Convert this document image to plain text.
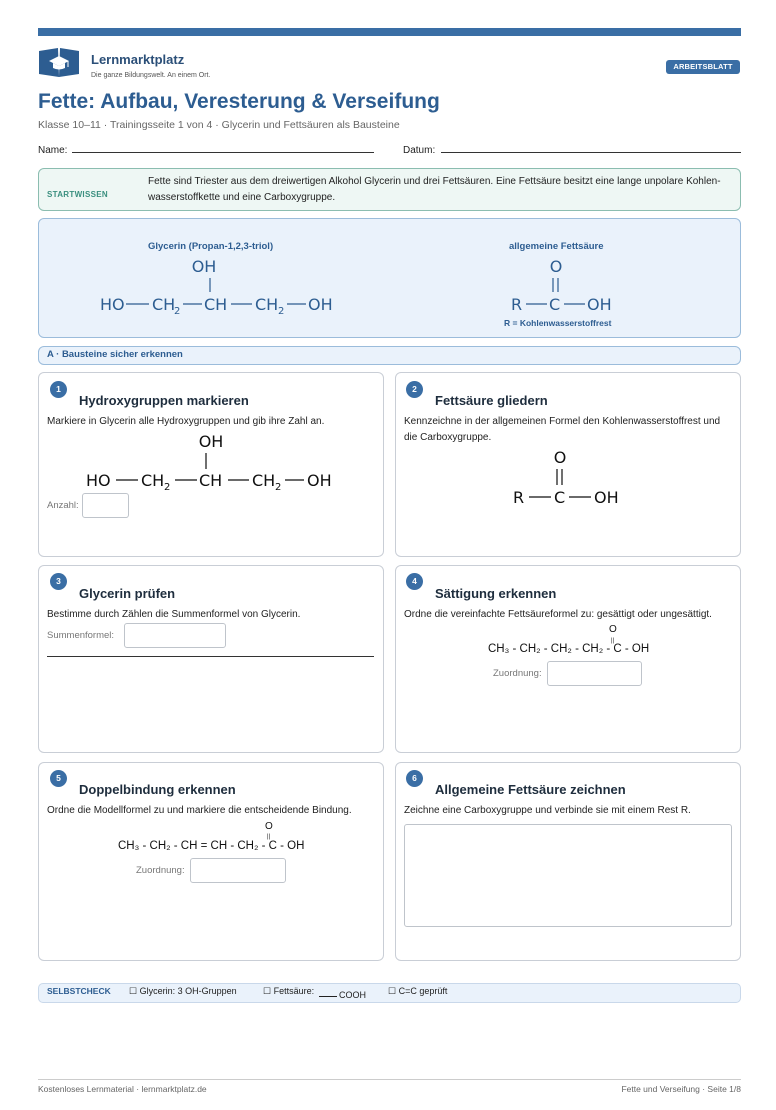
Lernmarktplatz
Die ganze Bildungswelt. An einem Ort.
ARBEITSBLATT
Fette: Aufbau, Veresterung & Verseifung
Klasse 10–11 · Trainingsseite 1 von 4 · Glycerin und Fettsäuren als Bausteine
Name:	Datum:
STARTWISSEN
Fette sind Triester aus dem dreiwertigen Alkohol Glycerin und drei Fettsäuren. Eine Fettsäure besitzt eine lange unpolare Kohlen-wasserstoffkette und eine Carboxygruppe.
Glycerin (Propan-1,2,3-triol)	allgemeine Fettsäure
OH
HO CH
2 CH CH 2 OH
O
R C OH
R = Kohlenwasserstoffrest
A · Bausteine sicher erkennen
1
Hydroxygruppen markieren
Markiere in Glycerin alle Hydroxygruppen und gib ihre Zahl an.
OH
HO CH 2 CH CH 2 OH
Anzahl:
2
Fettsäure gliedern
Kennzeichne in der allgemeinen Formel den Kohlenwasserstoffrest und die Carboxygruppe.
O
R C OH
3
Glycerin prüfen
Bestimme durch Zählen die Summenformel von Glycerin.
Summenformel:
4
Sättigung erkennen
Ordne die vereinfachte Fettsäureformel zu: gesättigt oder ungesättigt.
O
||
CH₃ - CH₂ - CH₂ - CH₂ - C - OH
Zuordnung:
5
Doppelbindung erkennen
Ordne die Modellformel zu und markiere die entscheidende Bindung.
O
||
CH₃ - CH₂ - CH = CH - CH₂ - C - OH
Zuordnung:
6
Allgemeine Fettsäure zeichnen
Zeichne eine Carboxygruppe und verbinde sie mit einem Rest R.
SELBSTCHECK ☐ Glycerin: 3 OH-Gruppen	☐ Fettsäure:	COOH ☐ C=C geprüft
Kostenloses Lernmaterial · lernmarktplatz.de	Fette und Verseifung · Seite 1/8
